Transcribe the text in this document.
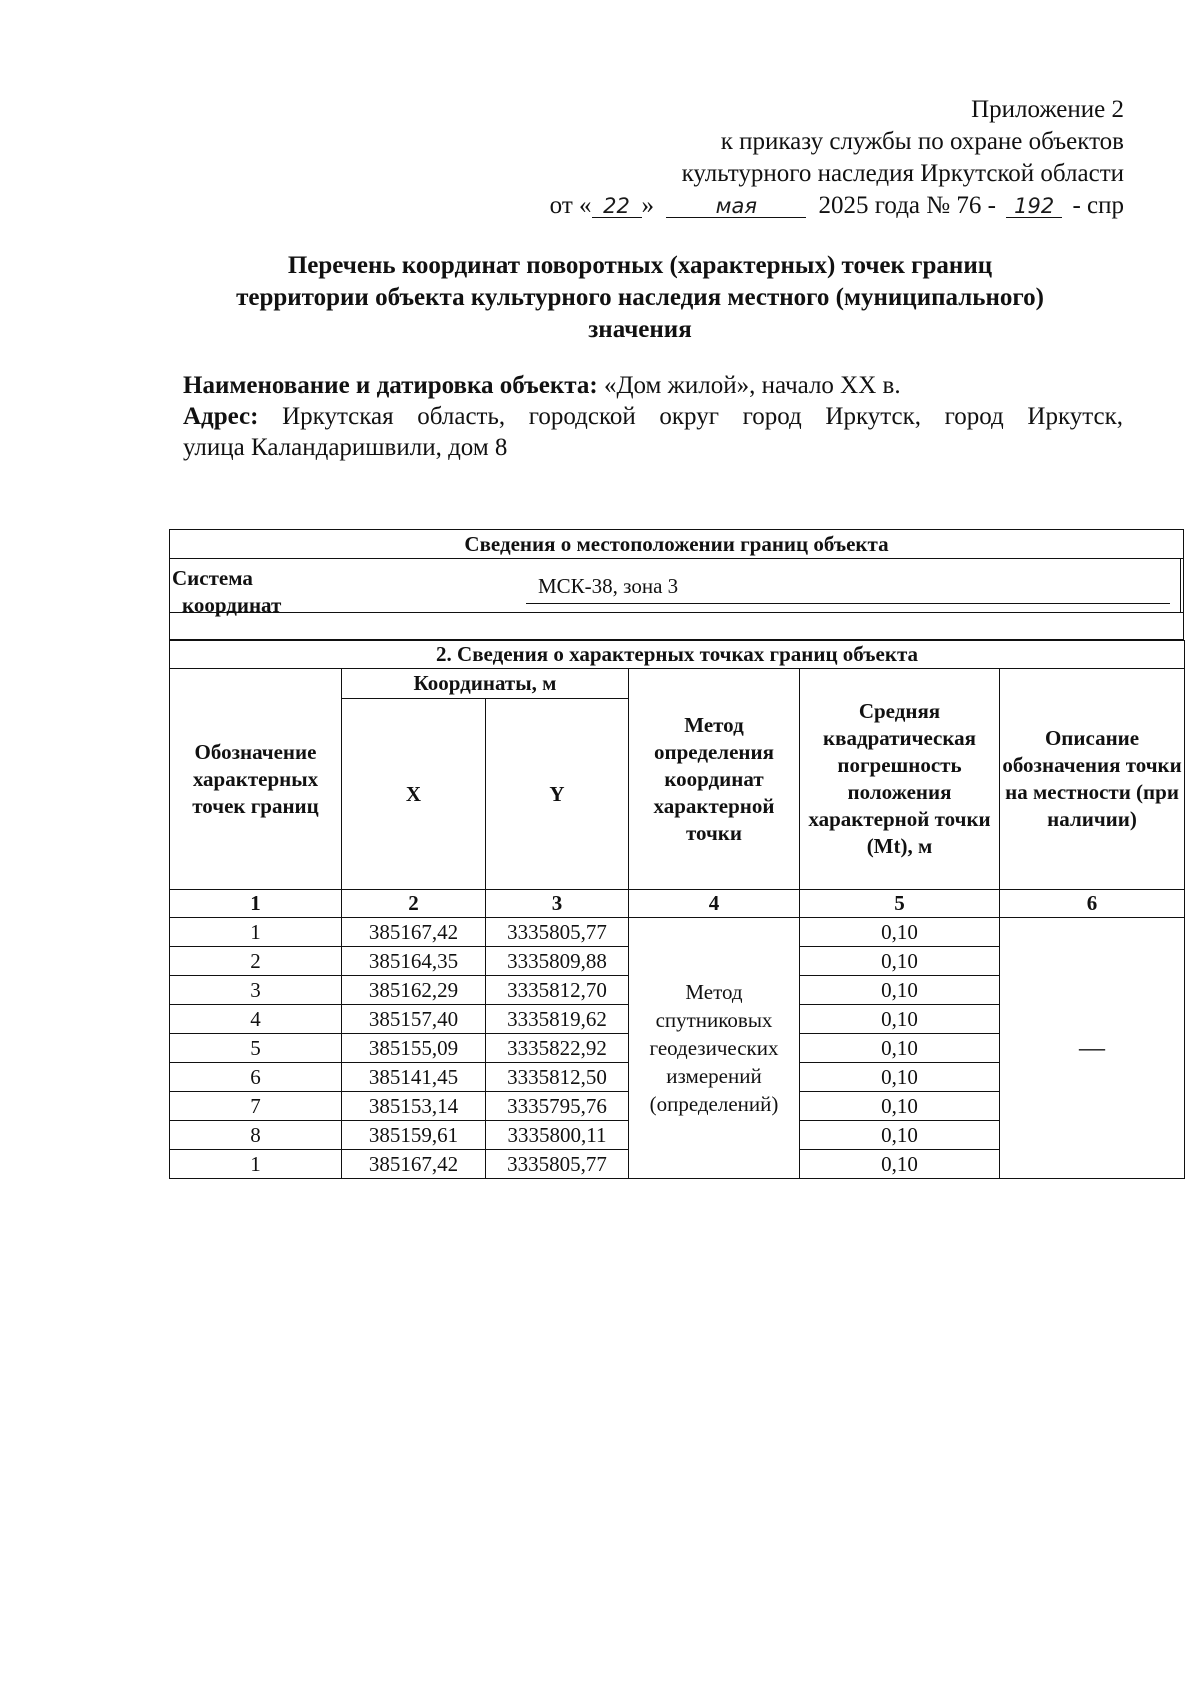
Приложение 2
к приказу службы по охране объектов
культурного наследия Иркутской области
от « 22 »	мая 2025 года № 76 - 192 - спр
Перечень координат поворотных (характерных) точек границ
территории объекта культурного наследия местного (муниципального)
значения
Наименование и датировка объекта: «Дом жилой», начало XX в.
Адрес: Иркутская область, городской округ город Иркутск, город Иркутск,
улица Каландаришвили, дом 8
Сведения о местоположении границ объекта
Система
координат
МСК-38, зона 3
2. Сведения о характерных точках границ объекта					
Обозначение характерных точек границ	Координаты, м		Метод определения координат характерной точки	Средняя квадратическая погрешность положения характерной точки (Mt), м	Описание обозначения точки на местности (при наличии)
	X	Y			
1	2	3	4	5	6
1	385167,42	3335805,77	Метод спутниковых геодезических измерений (определений)	0,10	—
2	385164,35	3335809,88		0,10	
3	385162,29	3335812,70		0,10	
4	385157,40	3335819,62		0,10	
5	385155,09	3335822,92		0,10	
6	385141,45	3335812,50		0,10	
7	385153,14	3335795,76		0,10	
8	385159,61	3335800,11		0,10	
1	385167,42	3335805,77		0,10	
